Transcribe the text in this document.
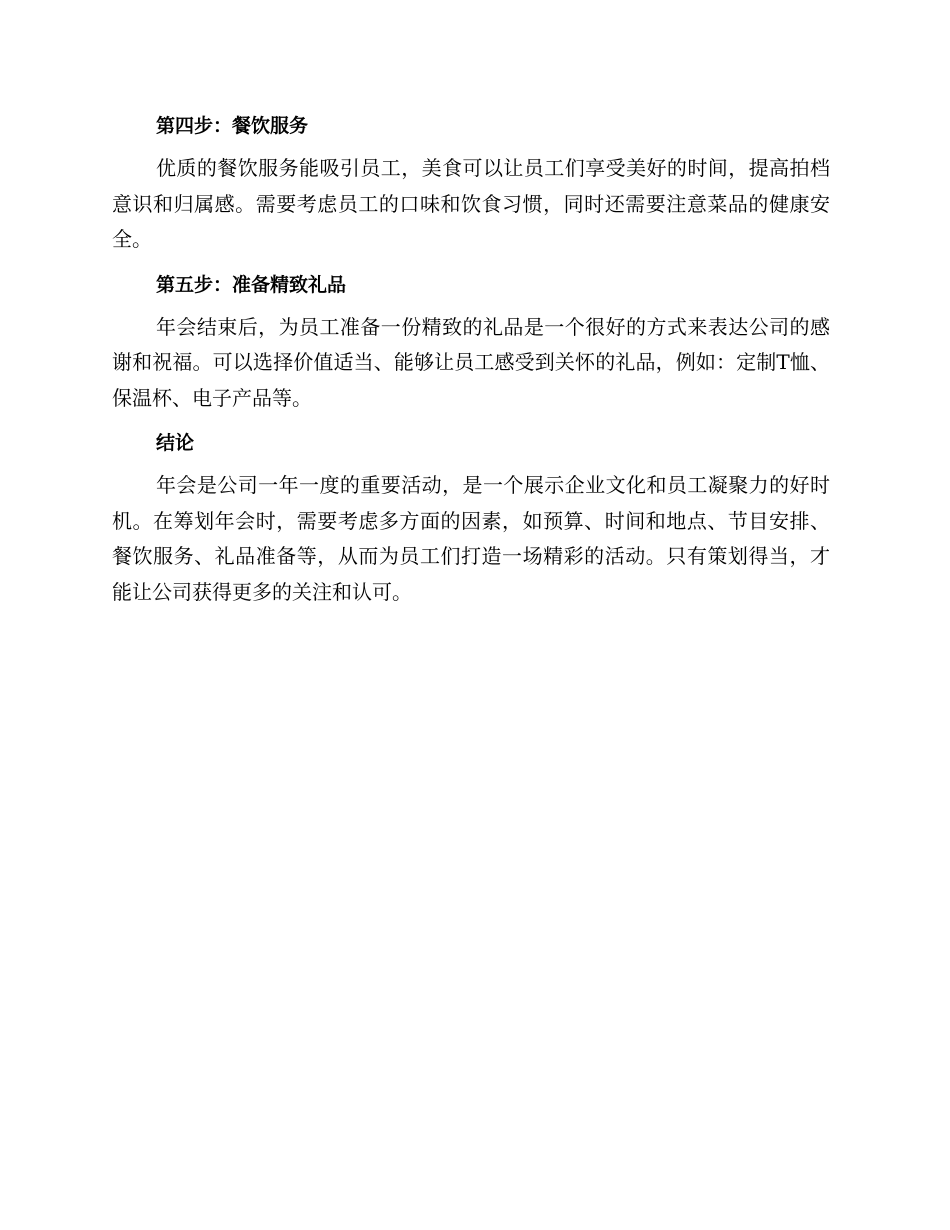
第四步：餐饮服务

优质的餐饮服务能吸引员工，美食可以让员工们享受美好的时间，提高拍档意识和归属感。需要考虑员工的口味和饮食习惯，同时还需要注意菜品的健康安全。

第五步：准备精致礼品

年会结束后，为员工准备一份精致的礼品是一个很好的方式来表达公司的感谢和祝福。可以选择价值适当、能够让员工感受到关怀的礼品，例如：定制T恤、保温杯、电子产品等。

结论

年会是公司一年一度的重要活动，是一个展示企业文化和员工凝聚力的好时机。在筹划年会时，需要考虑多方面的因素，如预算、时间和地点、节目安排、餐饮服务、礼品准备等，从而为员工们打造一场精彩的活动。只有策划得当，才能让公司获得更多的关注和认可。
